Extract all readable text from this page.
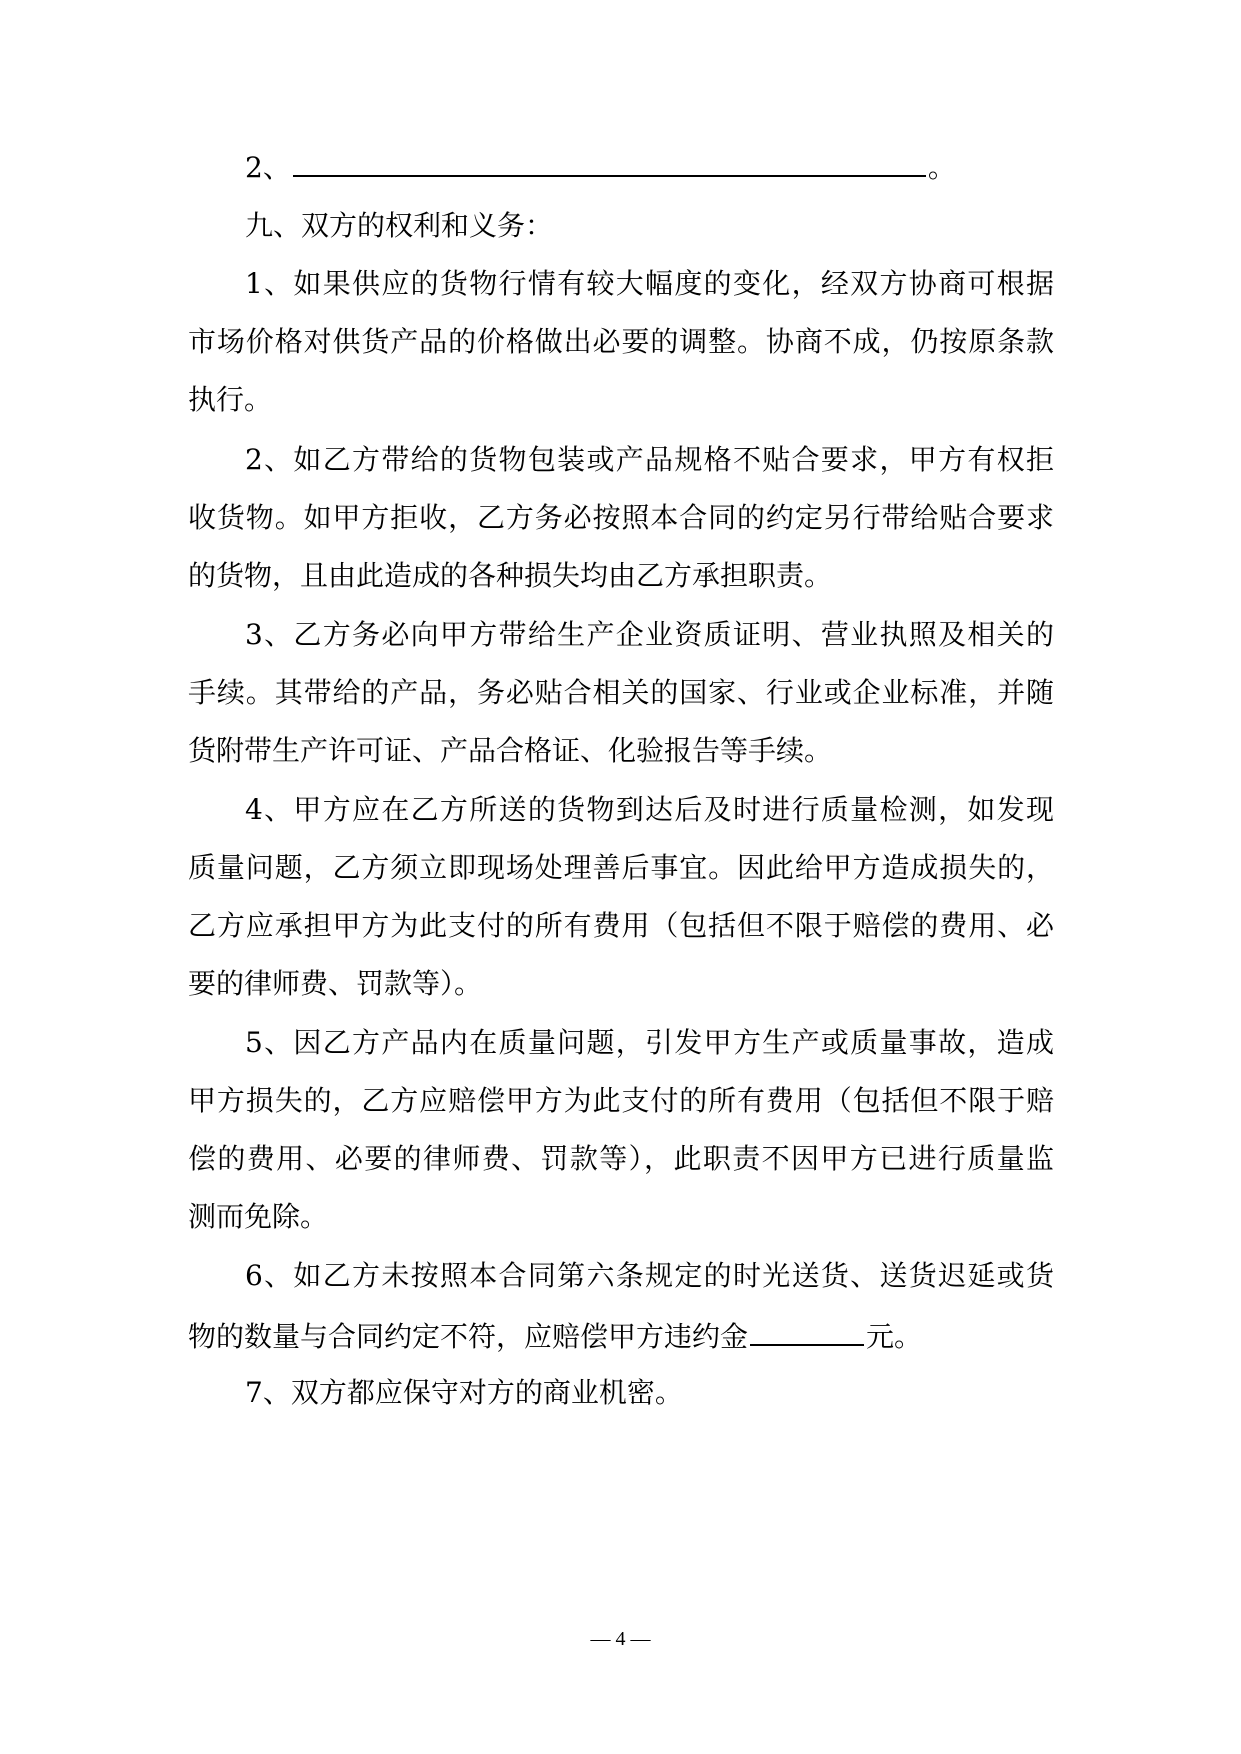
2、	。
九、双方的权利和义务：
1、如果供应的货物行情有较大幅度的变化，经双方协商可根据
市场价格对供货产品的价格做出必要的调整。协商不成，仍按原条款
执行。
2、如乙方带给的货物包装或产品规格不贴合要求，甲方有权拒
收货物。如甲方拒收，乙方务必按照本合同的约定另行带给贴合要求
的货物，且由此造成的各种损失均由乙方承担职责。
3、乙方务必向甲方带给生产企业资质证明、营业执照及相关的
手续。其带给的产品，务必贴合相关的国家、行业或企业标准，并随
货附带生产许可证、产品合格证、化验报告等手续。
4、甲方应在乙方所送的货物到达后及时进行质量检测，如发现
质量问题，乙方须立即现场处理善后事宜。因此给甲方造成损失的，
乙方应承担甲方为此支付的所有费用（包括但不限于赔偿的费用、必
要的律师费、罚款等）。
5、因乙方产品内在质量问题，引发甲方生产或质量事故，造成
甲方损失的，乙方应赔偿甲方为此支付的所有费用（包括但不限于赔
偿的费用、必要的律师费、罚款等），此职责不因甲方已进行质量监
测而免除。
6、如乙方未按照本合同第六条规定的时光送货、送货迟延或货
物的数量与合同约定不符，应赔偿甲方违约金	元。
7、双方都应保守对方的商业机密。
— 4 —
